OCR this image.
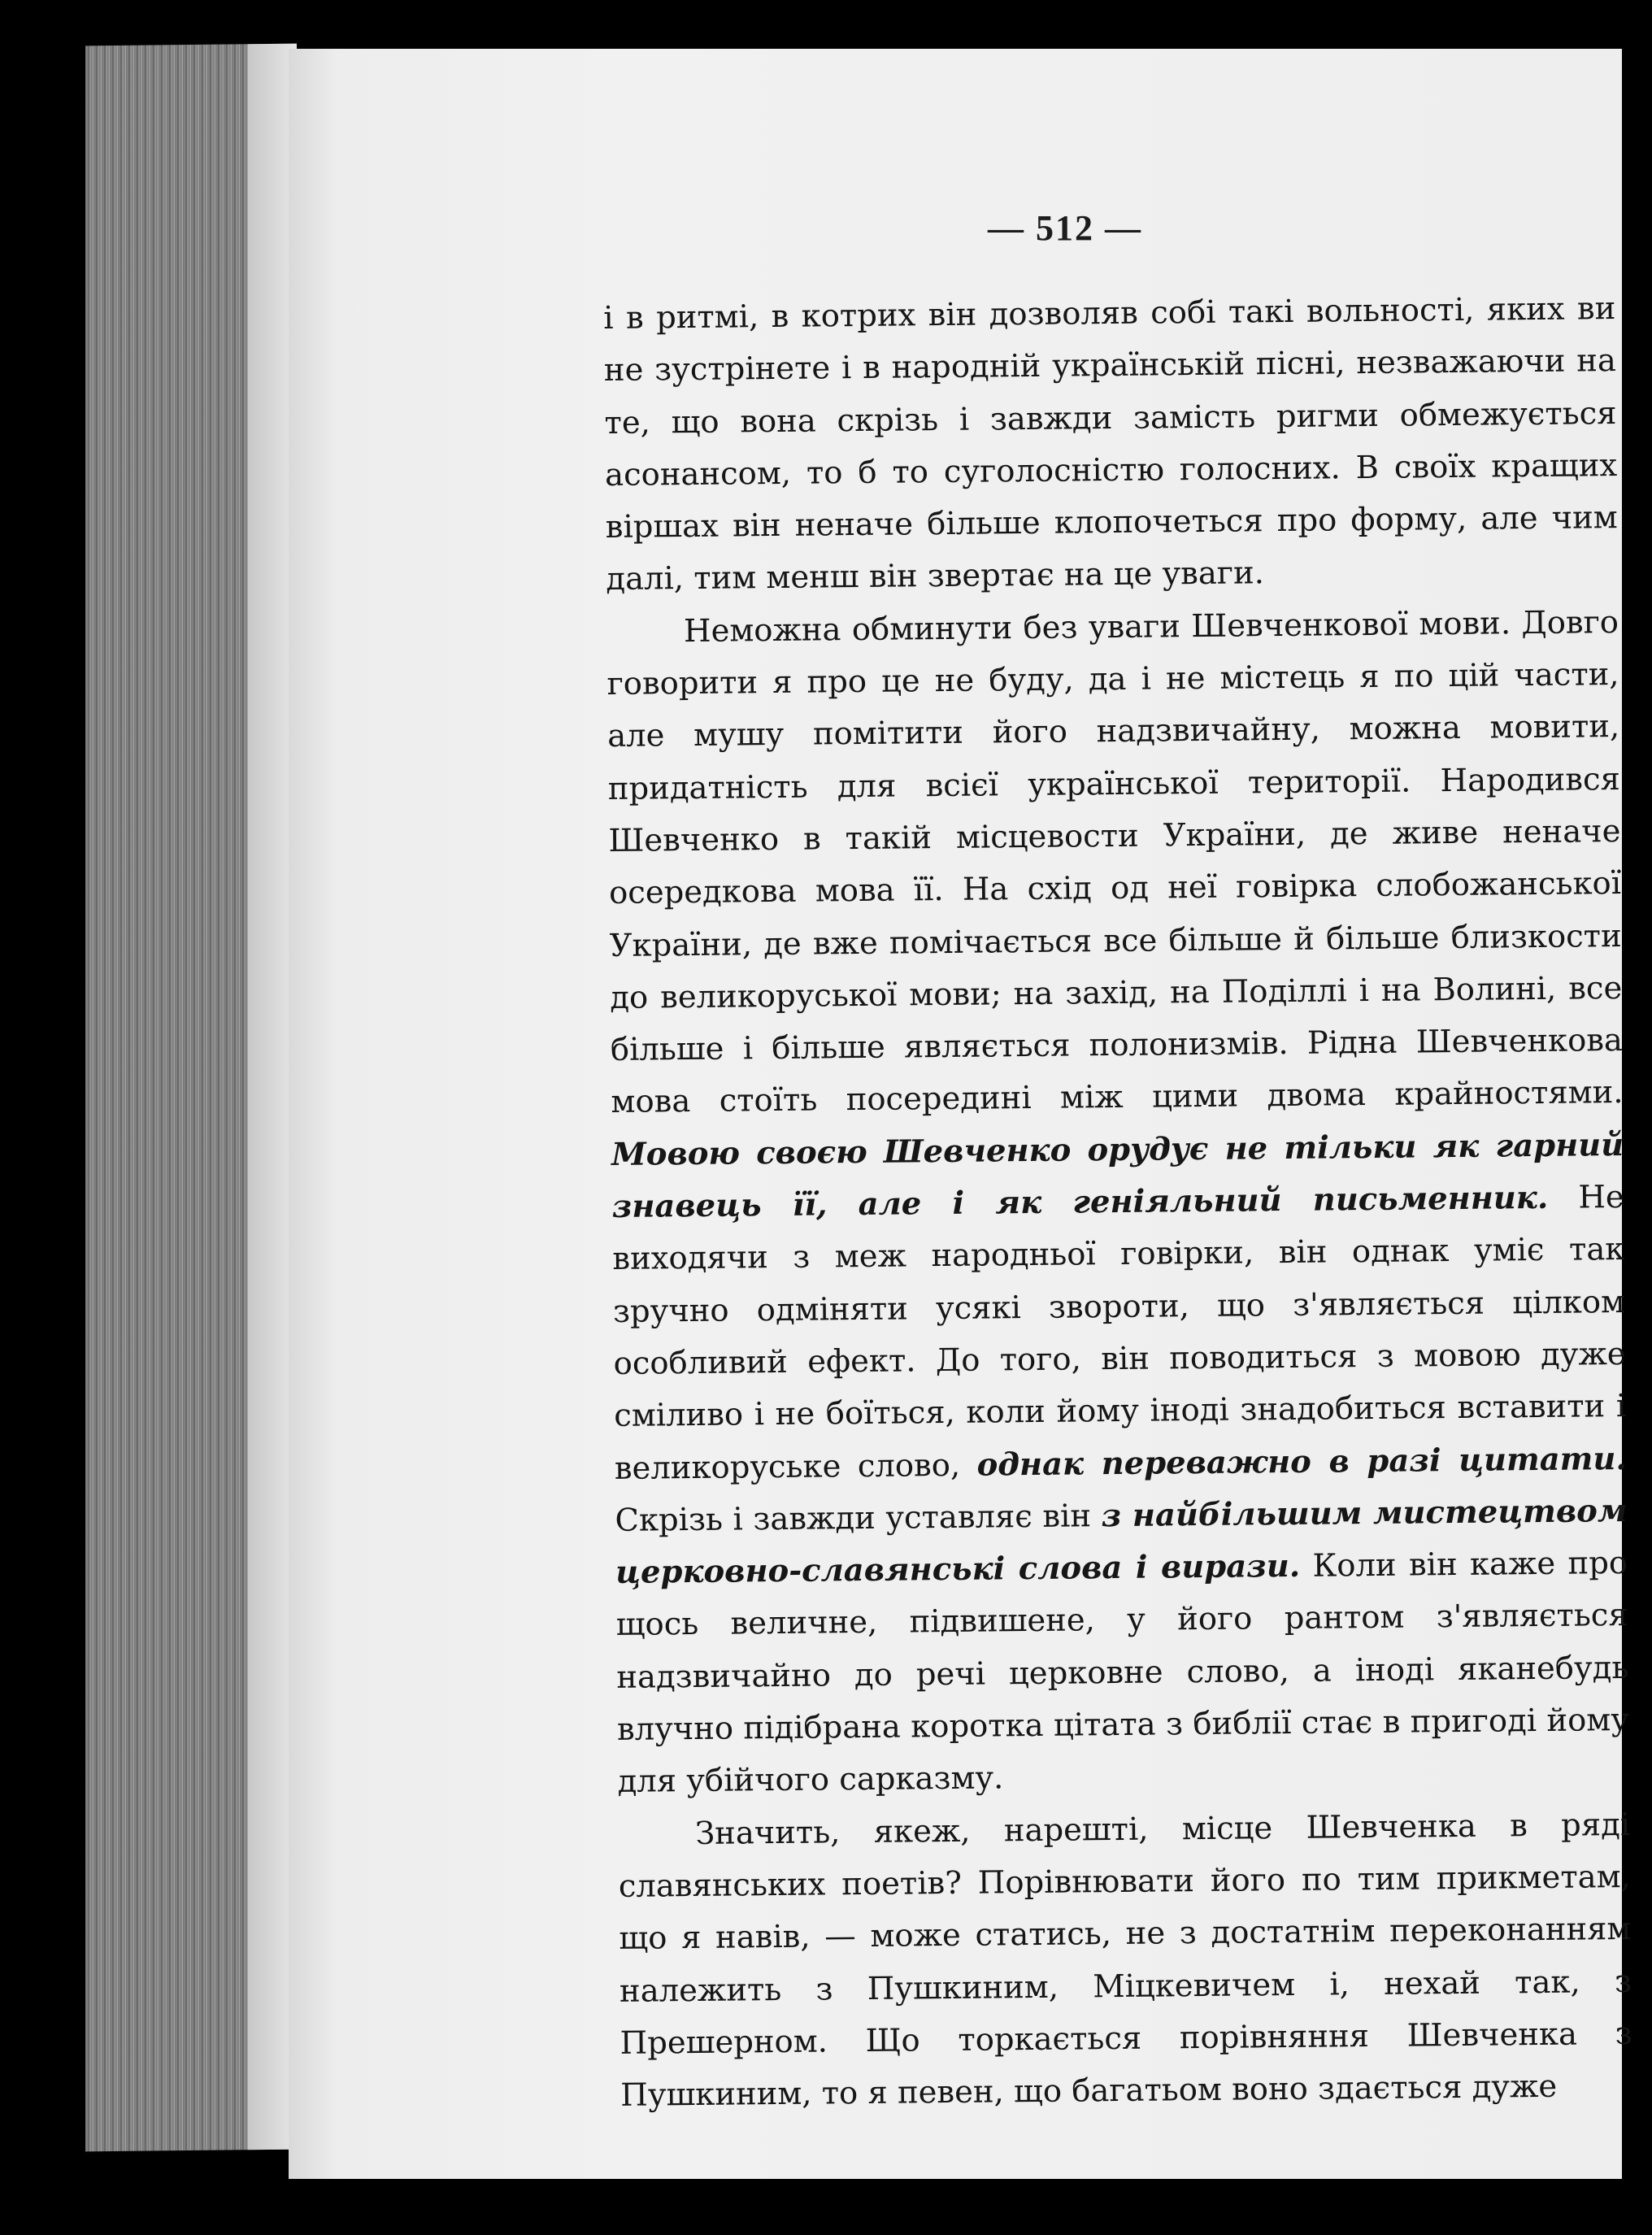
— 512 —

і в ритмі, в котрих він дозволяв собі такі вольності, яких ви не зустрінете і в народній українській пісні, незважаючи на те, що вона скрізь і завжди замість ригми обмежується асонансом, то б то суголосністю голосних. В своїх кращих віршах він неначе більше клопочеться про форму, але чим далі, тим менш він звертає на це уваги.

Неможна обминути без уваги Шевченкової мови. Довго говорити я про це не буду, да і не містець я по цій части, але мушу помітити його надзвичайну, можна мовити, придатність для всієї української території. Народився Шевченко в такій місцевости України, де живе неначе осередкова мова її. На схід од неї говірка слобожанської України, де вже помічається все більше й більше близкости до великоруської мови; на захід, на Поділлі і на Волині, все більше і більше являється полонизмів. Рідна Шевченкова мова стоїть посередині між цими двома крайностями. Мовою своєю Шевченко орудує не тільки як гарний знавець її, але і як геніяльний письменник. Не виходячи з меж народньої говірки, він однак уміє так зручно одміняти усякі звороти, що з'являється цілком особливий ефект. До того, він поводиться з мовою дуже сміливо і не боїться, коли йому іноді знадобиться вставити і великоруське слово, однак переважно в разі цитати. Скрізь і завжди уставляє він з найбільшим мистецтвом церковно-славянські слова і вирази. Коли він каже про щось величне, підвишене, у його рантом з'являється надзвичайно до речі церковне слово, а іноді яканебудь влучно підібрана коротка цітата з библії стає в пригоді йому для убійчого сарказму.

Значить, якеж, нарешті, місце Шевченка в ряді славянських поетів? Порівнювати його по тим прикметам, що я навів, — може статись, не з достатнім переконанням належить з Пушкиним, Міцкевичем і, нехай так, з Прешерном. Що торкається порівняння Шевченка з Пушкиним, то я певен, що багатьом воно здається дуже
